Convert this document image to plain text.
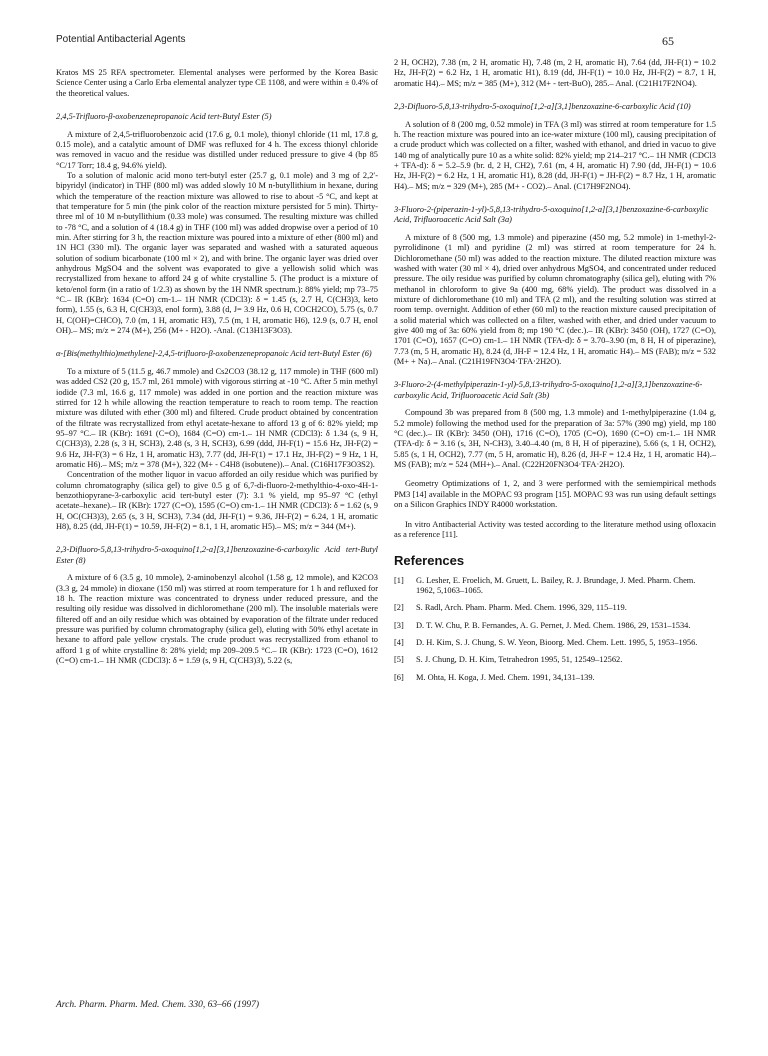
Potential Antibacterial Agents	65

Kratos MS 25 RFA spectrometer. Elemental analyses were performed by the Korea Basic Science Center using a Carlo Erba elemental analyzer type CE 1108, and were within ± 0.4% of the theoretical values.

2,4,5-Trifluoro-β-oxobenzenepropanoic Acid tert-Butyl Ester (5)

A mixture of 2,4,5-trifluorobenzoic acid (17.6 g, 0.1 mole), thionyl chloride (11 ml, 17.8 g, 0.15 mole), and a catalytic amount of DMF was refluxed for 4 h. The excess thionyl chloride was removed in vacuo and the residue was distilled under reduced pressure to give 4 (bp 85 °C/17 Torr; 18.4 g, 94.6% yield).

To a solution of malonic acid mono tert-butyl ester (25.7 g, 0.1 mole) and 3 mg of 2,2′-bipyridyl (indicator) in THF (800 ml) was added slowly 10 M n-butyllithium in hexane, during which the temperature of the reaction mixture was allowed to rise to about -5 °C, and kept at that temperature for 5 min (the pink color of the reaction mixture persisted for 5 min). Thirty-three ml of 10 M n-butyllithium (0.33 mole) was consumed. The resulting mixture was chilled to -78 °C, and a solution of 4 (18.4 g) in THF (100 ml) was added dropwise over a period of 10 min. After stirring for 3 h, the reaction mixture was poured into a mixture of ether (800 ml) and 1N HCl (330 ml). The organic layer was separated and washed with a saturated aqueous solution of sodium bicarbonate (100 ml × 2), and with brine. The organic layer was dried over anhydrous MgSO4 and the solvent was evaporated to give a yellowish solid which was recrystallized from hexane to afford 24 g of white crystalline 5. (The product is a mixture of keto/enol form (in a ratio of 1/2.3) as shown by the 1H NMR spectrum.): 88% yield; mp 73–75 °C.– IR (KBr): 1634 (C=O) cm-1.– 1H NMR (CDCl3): δ = 1.45 (s, 2.7 H, C(CH3)3, keto form), 1.55 (s, 6.3 H, C(CH3)3, enol form), 3.88 (d, J= 3.9 Hz, 0.6 H, COCH2CO), 5.75 (s, 0.7 H, C(OH)=CHCO), 7.0 (m, 1 H, aromatic H3), 7.5 (m, 1 H, aromatic H6), 12.9 (s, 0.7 H, enol OH).– MS; m/z = 274 (M+), 256 (M+ - H2O). -Anal. (C13H13F3O3).

α-[Bis(methylthio)methylene]-2,4,5-trifluoro-β-oxobenzenepropanoic Acid tert-Butyl Ester (6)

To a mixture of 5 (11.5 g, 46.7 mmole) and Cs2CO3 (38.12 g, 117 mmole) in THF (600 ml) was added CS2 (20 g, 15.7 ml, 261 mmole) with vigorous stirring at -10 °C. After 5 min methyl iodide (7.3 ml, 16.6 g, 117 mmole) was added in one portion and the reaction mixture was stirred for 12 h while allowing the reaction temperature to reach to room temp. The reaction mixture was diluted with ether (300 ml) and filtered. Crude product obtained by concentration of the filtrate was recrystallized from ethyl acetate-hexane to afford 13 g of 6: 82% yield; mp 95–97 °C.– IR (KBr): 1691 (C=O), 1684 (C=O) cm-1.– 1H NMR (CDCl3): δ 1.34 (s, 9 H, C(CH3)3), 2.28 (s, 3 H, SCH3), 2.48 (s, 3 H, SCH3), 6.99 (ddd, JH-F(1) = 15.6 Hz, JH-F(2) = 9.6 Hz, JH-F(3) = 6 Hz, 1 H, aromatic H3), 7.77 (dd, JH-F(1) = 17.1 Hz, JH-F(2) = 9 Hz, 1 H, aromatic H6).– MS; m/z = 378 (M+), 322 (M+ - C4H8 (isobutene)).– Anal. (C16H17F3O3S2).

Concentration of the mother liquor in vacuo afforded an oily residue which was purified by column chromatography (silica gel) to give 0.5 g of 6,7-di-fluoro-2-methylthio-4-oxo-4H-1-benzothiopyrane-3-carboxylic acid tert-butyl ester (7): 3.1 % yield, mp 95–97 °C (ethyl acetate–hexane).– IR (KBr): 1727 (C=O), 1595 (C=O) cm-1.– 1H NMR (CDCl3): δ = 1.62 (s, 9 H, OC(CH3)3), 2.65 (s, 3 H, SCH3), 7.34 (dd, JH-F(1) = 9.36, JH-F(2) = 6.24, 1 H, aromatic H8), 8.25 (dd, JH-F(1) = 10.59, JH-F(2) = 8.1, 1 H, aromatic H5).– MS; m/z = 344 (M+).

2,3-Difluoro-5,8,13-trihydro-5-oxoquino[1,2-a][3,1]benzoxazine-6-carboxylic Acid tert-Butyl Ester (8)

A mixture of 6 (3.5 g, 10 mmole), 2-aminobenzyl alcohol (1.58 g, 12 mmole), and K2CO3 (3.3 g, 24 mmole) in dioxane (150 ml) was stirred at room temperature for 1 h and refluxed for 18 h. The reaction mixture was concentrated to dryness under reduced pressure, and the resulting oily residue was dissolved in dichloromethane (200 ml). The insoluble materials were filtered off and an oily residue which was obtained by evaporation of the filtrate under reduced pressure was purified by column chromatography (silica gel), eluting with 50% ethyl acetate in hexane to afford pale yellow crystals. The crude product was recrystallized from ethanol to afford 1 g of white crystalline 8: 28% yield; mp 209–209.5 °C.– IR (KBr): 1723 (C=O), 1612 (C=O) cm-1.– 1H NMR (CDCl3): δ = 1.59 (s, 9 H, C(CH3)3), 5.22 (s,

2 H, OCH2), 7.38 (m, 2 H, aromatic H), 7.48 (m, 2 H, aromatic H), 7.64 (dd, JH-F(1) = 10.2 Hz, JH-F(2) = 6.2 Hz, 1 H, aromatic H1), 8.19 (dd, JH-F(1) = 10.0 Hz, JH-F(2) = 8.7, 1 H, aromatic H4).– MS; m/z = 385 (M+), 312 (M+ - tert-BuO), 285.– Anal. (C21H17F2NO4).

2,3-Difluoro-5,8,13-trihydro-5-oxoquino[1,2-a][3,1]benzoxazine-6-carboxylic Acid (10)

A solution of 8 (200 mg, 0.52 mmole) in TFA (3 ml) was stirred at room temperature for 1.5 h. The reaction mixture was poured into an ice-water mixture (100 ml), causing precipitation of a crude product which was collected on a filter, washed with ethanol, and dried in vacuo to give 140 mg of analytically pure 10 as a white solid: 82% yield; mp 214–217 °C.– 1H NMR (CDCl3 + TFA-d): δ = 5.2–5.9 (br. d, 2 H, CH2), 7.61 (m, 4 H, aromatic H) 7.90 (dd, JH-F(1) = 10.6 Hz, JH-F(2) = 6.2 Hz, 1 H, aromatic H1), 8.28 (dd, JH-F(1) = JH-F(2) = 8.7 Hz, 1 H, aromatic H4).– MS; m/z = 329 (M+), 285 (M+ - CO2).– Anal. (C17H9F2NO4).

3-Fluoro-2-(piperazin-1-yl)-5,8,13-trihydro-5-oxoquino[1,2-a][3,1]benzoxazine-6-carboxylic Acid, Trifluoroacetic Acid Salt (3a)

A mixture of 8 (500 mg, 1.3 mmole) and piperazine (450 mg, 5.2 mmole) in 1-methyl-2-pyrrolidinone (1 ml) and pyridine (2 ml) was stirred at room temperature for 24 h. Dichloromethane (50 ml) was added to the reaction mixture. The diluted reaction mixture was washed with water (30 ml × 4), dried over anhydrous MgSO4, and concentrated under reduced pressure. The oily residue was purified by column chromatography (silica gel), eluting with 7% methanol in chloroform to give 9a (400 mg, 68% yield). The product was dissolved in a mixture of dichloromethane (10 ml) and TFA (2 ml), and the resulting solution was stirred at room temp. overnight. Addition of ether (60 ml) to the reaction mixture caused precipitation of a solid material which was collected on a filter, washed with ether, and dried under vacuum to give 400 mg of 3a: 60% yield from 8; mp 190 °C (dec.).– IR (KBr): 3450 (OH), 1727 (C=O), 1701 (C=O), 1657 (C=O) cm-1.– 1H NMR (TFA-d): δ = 3.70–3.90 (m, 8 H, H of piperazine), 7.73 (m, 5 H, aromatic H), 8.24 (d, JH-F = 12.4 Hz, 1 H, aromatic H4).– MS (FAB); m/z = 532 (M+ + Na).– Anal. (C21H19FN3O4·TFA·2H2O).

3-Fluoro-2-(4-methylpiperazin-1-yl)-5,8,13-trihydro-5-oxoquino[1,2-a][3,1]benzoxazine-6-carboxylic Acid, Trifluoroacetic Acid Salt (3b)

Compound 3b was prepared from 8 (500 mg, 1.3 mmole) and 1-methylpiperazine (1.04 g, 5.2 mmole) following the method used for the preparation of 3a: 57% (390 mg) yield, mp 180 °C (dec.).– IR (KBr): 3450 (OH), 1716 (C=O), 1705 (C=O), 1690 (C=O) cm-1.– 1H NMR (TFA-d): δ = 3.16 (s, 3H, N-CH3), 3.40–4.40 (m, 8 H, H of piperazine), 5.66 (s, 1 H, OCH2), 5.85 (s, 1 H, OCH2), 7.77 (m, 5 H, aromatic H), 8.26 (d, JH-F = 12.4 Hz, 1 H, aromatic H4).– MS (FAB); m/z = 524 (MH+).– Anal. (C22H20FN3O4·TFA·2H2O).

Geometry Optimizations of 1, 2, and 3 were performed with the semiempirical methods PM3 [14] available in the MOPAC 93 program [15]. MOPAC 93 was run using default settings on a Silicon Graphics INDY R4000 workstation.

In vitro Antibacterial Activity was tested according to the literature method using ofloxacin as a reference [11].

References
[1]	G. Lesher, E. Froelich, M. Gruett, L. Bailey, R. J. Brundage, J. Med. Pharm. Chem. 1962, 5,1063–1065.
[2]	S. Radl, Arch. Pham. Pharm. Med. Chem. 1996, 329, 115–119.
[3]	D. T. W. Chu, P. B. Fernandes, A. G. Pernet, J. Med. Chem. 1986, 29, 1531–1534.
[4]	D. H. Kim, S. J. Chung, S. W. Yeon, Bioorg. Med. Chem. Lett. 1995, 5, 1953–1956.
[5]	S. J. Chung, D. H. Kim, Tetrahedron 1995, 51, 12549–12562.
[6]	M. Ohta, H. Koga, J. Med. Chem. 1991, 34,131–139.
Arch. Pharm. Pharm. Med. Chem. 330, 63–66 (1997)
